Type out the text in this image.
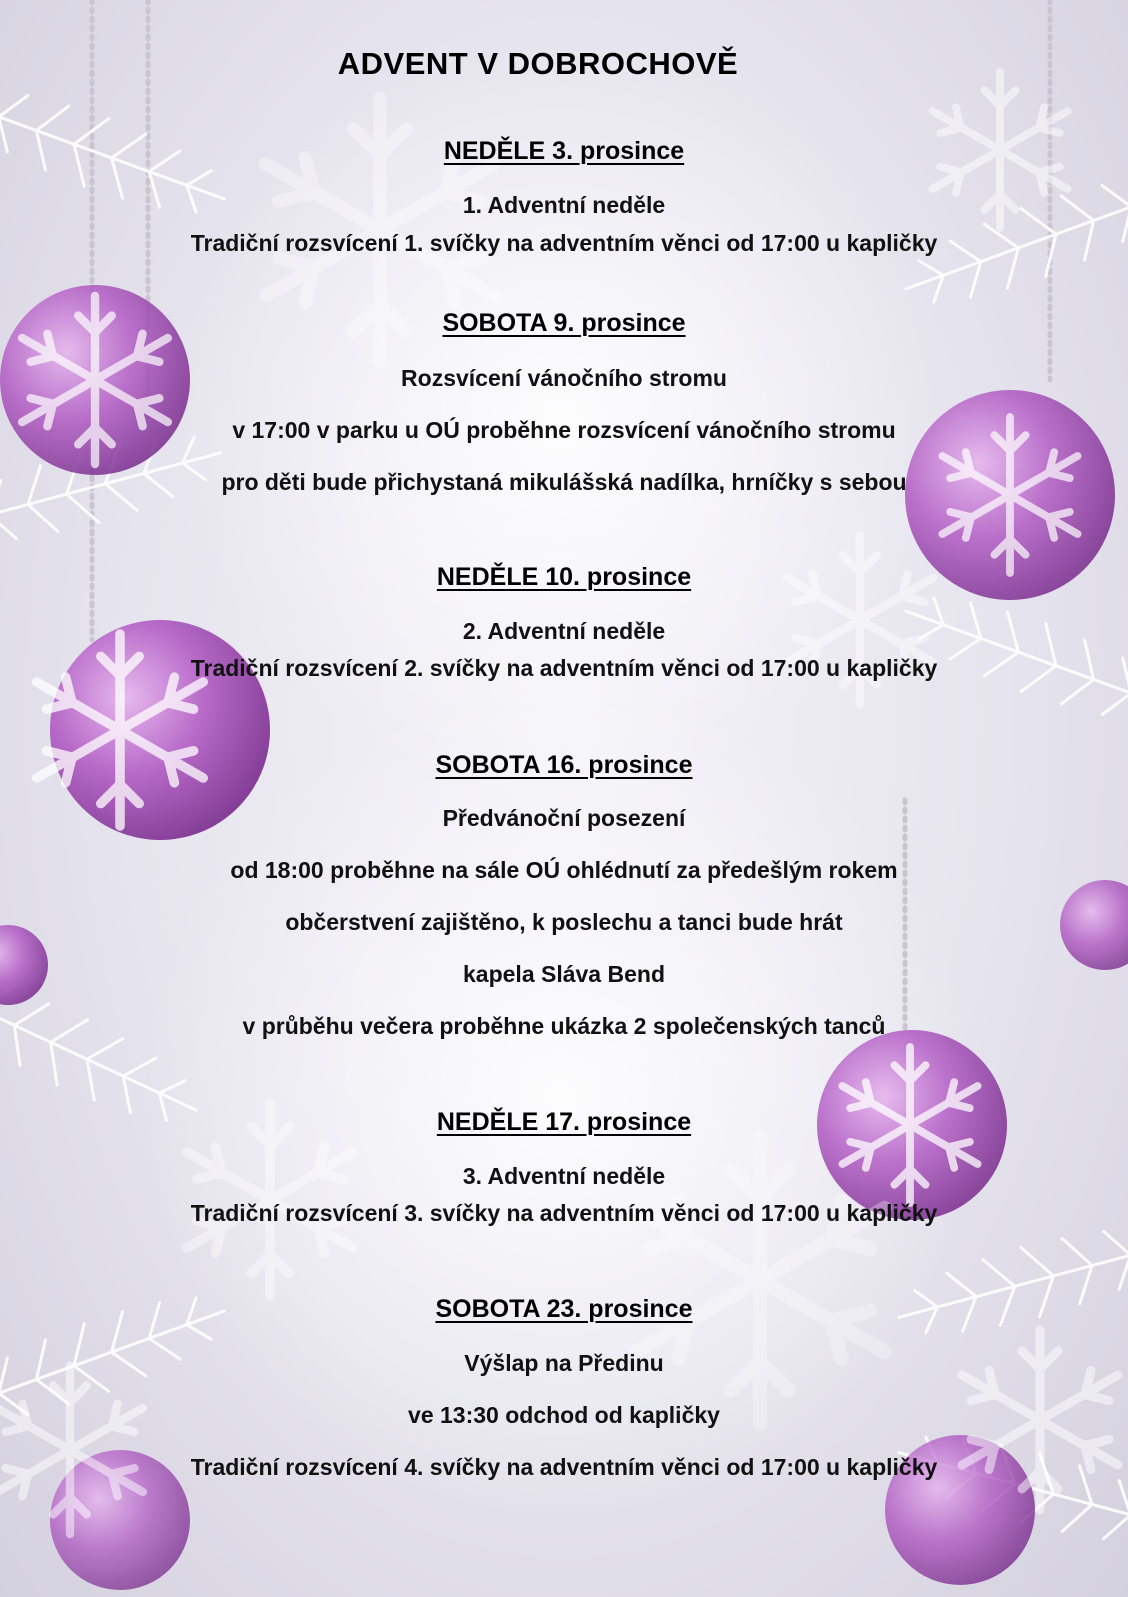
ADVENT V DOBROCHOVĚ
NEDĚLE 3. prosince
1. Adventní neděle
Tradiční rozsvícení 1. svíčky na adventním věnci od 17:00 u kapličky
SOBOTA 9. prosince
Rozsvícení vánočního stromu
v 17:00 v parku u OÚ proběhne rozsvícení vánočního stromu
pro děti bude přichystaná mikulášská nadílka, hrníčky s sebou
NEDĚLE 10. prosince
2. Adventní neděle
Tradiční rozsvícení 2. svíčky na adventním věnci od 17:00 u kapličky
SOBOTA 16. prosince
Předvánoční posezení
od 18:00 proběhne na sále OÚ ohlédnutí za předešlým rokem
občerstvení zajištěno, k poslechu a tanci bude hrát
kapela Sláva Bend
v průběhu večera proběhne ukázka 2 společenských tanců
NEDĚLE 17. prosince
3. Adventní neděle
Tradiční rozsvícení 3. svíčky na adventním věnci od 17:00 u kapličky
SOBOTA 23. prosince
Výšlap na Předinu
ve 13:30 odchod od kapličky
Tradiční rozsvícení 4. svíčky na adventním věnci od 17:00 u kapličky
